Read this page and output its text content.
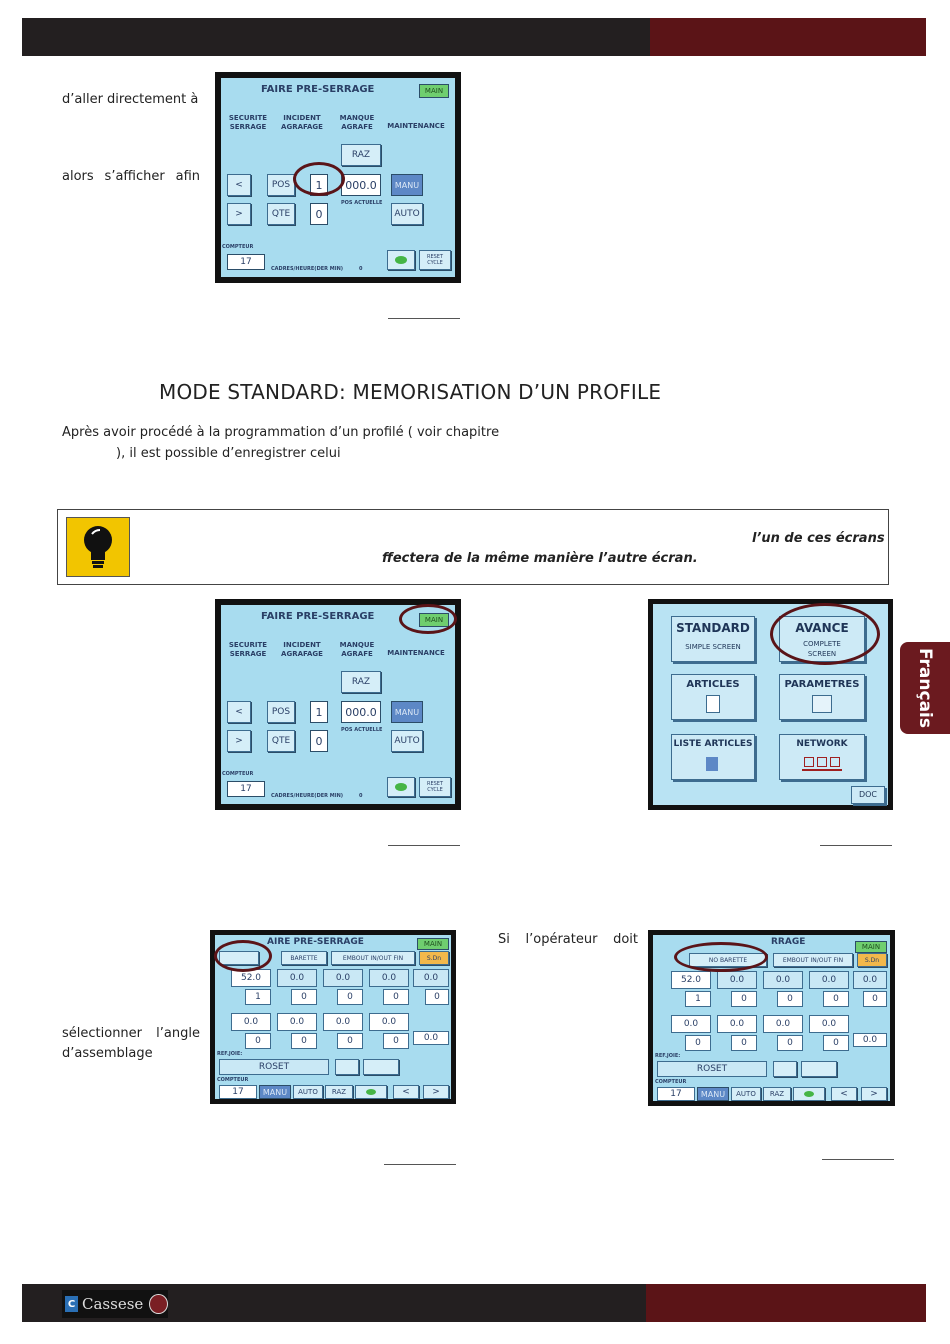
C Cassese
Français
d’aller directement à
alors s’afficher afin
FAIRE PRE-SERRAGE	MAIN
SECURITE SERRAGE
INCIDENT AGRAFAGE
MANQUE AGRAFE	MAINTENANCE
RAZ
<	POS	1	000.0	MANU
>	QTE	0
POS ACTUELLE
AUTO
COMPTEUR
17
CADRES/HEURE(DER MIN)	0
RESET CYCLE
MODE STANDARD: MEMORISATION D’UN PROFILE
Après avoir procédé à la programmation d’un profilé ( voir chapitre
), il est possible d’enregistrer celui
l’un de ces écrans
ffectera de la même manière l’autre écran.
FAIRE PRE-SERRAGE	MAIN
SECURITE SERRAGE
INCIDENT AGRAFAGE
MANQUE AGRAFE	MAINTENANCE
RAZ
<	POS	1	000.0	MANU
>	QTE	0
POS ACTUELLE
AUTO
COMPTEUR
17
CADRES/HEURE(DER MIN)	0
RESET CYCLE
STANDARD
SIMPLE SCREEN
AVANCE
COMPLETE SCREEN
ARTICLES	PARAMETRES
LISTE ARTICLES	NETWORK
DOC
sélectionner l’angle
d’assemblage
Si l’opérateur doit
AIRE PRE-SERRAGE	MAIN
BARETTE	EMBOUT IN/OUT FIN	S.Dn
52.0	0.0	0.0	0.0	0.0
1	0	0	0	0
0.0	0.0	0.0	0.0
0.0
0	0	0	0
REF.JOIE:
ROSET
COMPTEUR
17	MANU	AUTO	RAZ	<	>
RRAGE	MAIN
NO BARETTE	EMBOUT IN/OUT FIN	S.Dn
52.0	0.0	0.0	0.0	0.0
1	0	0	0	0
0.0	0.0	0.0	0.0
0.0
0	0	0	0
REF.JOIE:
ROSET
COMPTEUR
17	MANU	AUTO	RAZ	<	>
